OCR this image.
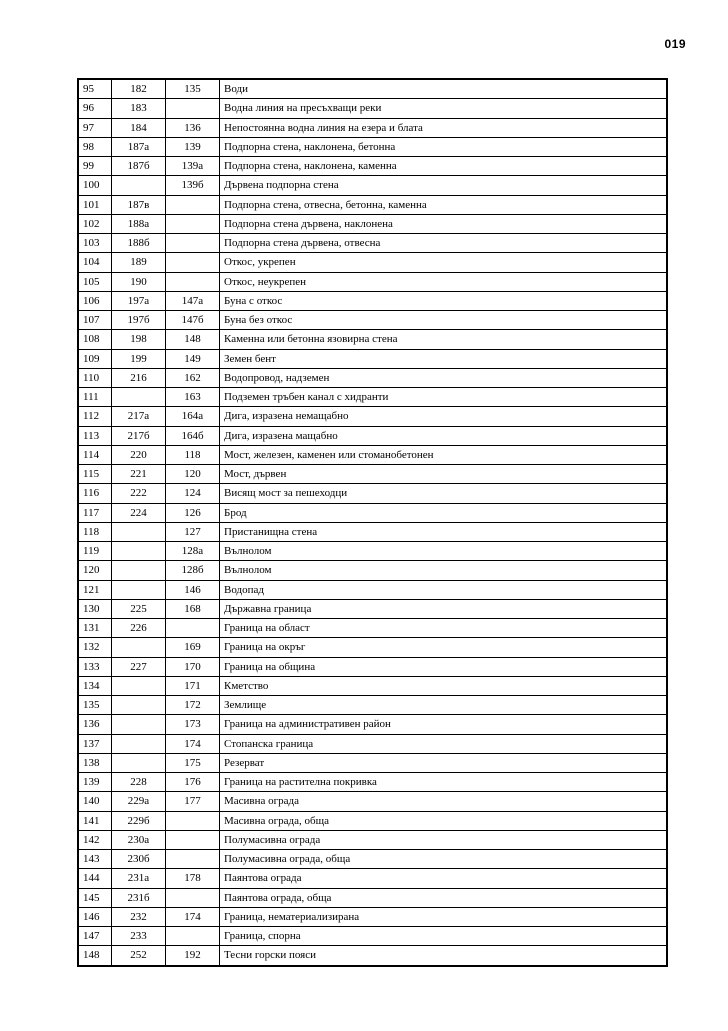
019
95	182	135	Води
96	183		Водна линия на пресъхващи реки
97	184	136	Непостоянна водна линия на езера и блата
98	187а	139	Подпорна стена, наклонена, бетонна
99	187б	139а	Подпорна стена, наклонена, каменна
100		139б	Дървена подпорна стена
101	187в		Подпорна стена, отвесна, бетонна, каменна
102	188а		Подпорна стена дървена, наклонена
103	188б		Подпорна стена дървена, отвесна
104	189		Откос, укрепен
105	190		Откос, неукрепен
106	197а	147а	Буна с откос
107	197б	147б	Буна без откос
108	198	148	Каменна или бетонна язовирна стена
109	199	149	Земен бент
110	216	162	Водопровод, надземен
111		163	Подземен тръбен канал с хидранти
112	217а	164а	Дига, изразена немащабно
113	217б	164б	Дига, изразена мащабно
114	220	118	Мост, железен, каменен или стоманобетонен
115	221	120	Мост, дървен
116	222	124	Висящ мост за пешеходци
117	224	126	Брод
118		127	Пристанищна стена
119		128а	Вълнолом
120		128б	Вълнолом
121		146	Водопад
130	225	168	Държавна граница
131	226		Граница на област
132		169	Граница на окръг
133	227	170	Граница на община
134		171	Кметство
135		172	Землище
136		173	Граница на административен район
137		174	Стопанска граница
138		175	Резерват
139	228	176	Граница на растителна покривка
140	229а	177	Масивна ограда
141	229б		Масивна ограда, обща
142	230а		Полумасивна ограда
143	230б		Полумасивна ограда, обща
144	231а	178	Паянтова ограда
145	231б		Паянтова ограда, обща
146	232	174	Граница, нематериализирана
147	233		Граница, спорна
148	252	192	Тесни горски пояси
